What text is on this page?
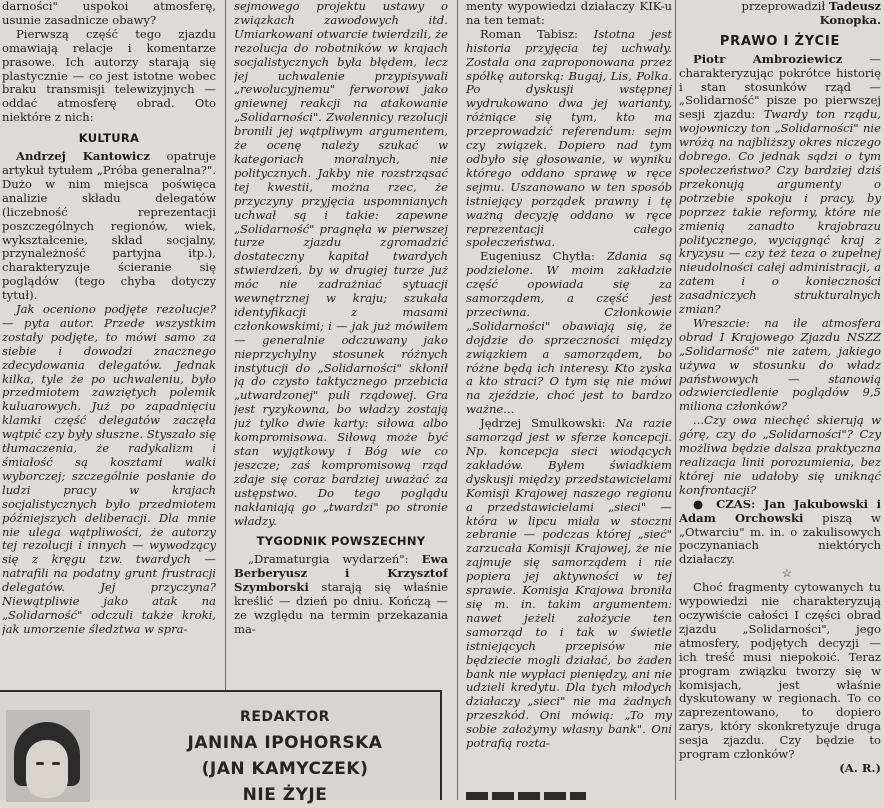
darności" uspokoi atmosferę, usunie zasadnicze obawy?

Pierwszą część tego zjazdu omawiają relacje i komentarze prasowe. Ich autorzy starają się plastycznie — co jest istotne wobec braku transmisji telewizyjnych — oddać atmosferę obrad. Oto niektóre z nich:

KULTURA

Andrzej Kantowicz opatruje artykuł tytułem „Próba generalna?". Dużo w nim miejsca poświęca analizie składu delegatów (liczebność reprezentacji poszczególnych regionów, wiek, wykształcenie, skład socjalny, przynależność partyjna itp.), charakteryzuje ścieranie się poglądów (tego chyba dotyczy tytuł).

Jak oceniono podjęte rezolucje? — pyta autor. Przede wszystkim zostały podjęte, to mówi samo za siebie i dowodzi znacznego zdecydowania delegatów. Jednak kilka, tyle że po uchwaleniu, było przedmiotem zawziętych polemik kuluarowych. Już po zapadnięciu klamki część delegatów zaczęła wątpić czy były słuszne. Styszało się tłumaczenia, że radykalizm i śmiałość są kosztami walki wyborczej; szczególnie posłanie do ludzi pracy w krajach socjalistycznych było przedmiotem późniejszych deliberacji. Dla mnie nie ulega wątpliwości, że autorzy tej rezolucji i innych — wywodzący się z kręgu tzw. twardych — natrafili na podatny grunt frustracji delegatów. Jej przyczyna? Niewątpliwie jako atak na „Solidarność" odczuli także kroki, jak umorzenie śledztwa w spra-

sejmowego projektu ustawy o związkach zawodowych itd. Umiarkowani otwarcie twierdzili, że rezolucja do robotników w krajach socjalistycznych była błędem, lecz jej uchwalenie przypisywali „rewolucyjnemu" ferworowi jako gniewnej reakcji na atakowanie „Solidarności". Zwolennicy rezolucji bronili jej wątpliwym argumentem, że ocenę należy szukać w kategoriach moralnych, nie politycznych. Jakby nie rozstrząsać tej kwestii, można rzec, że przyczyny przyjęcia uspomnianych uchwał są i takie: zapewne „Solidarność" pragnęła w pierwszej turze zjazdu zgromadzić dostateczny kapitał twardych stwierdzeń, by w drugiej turze już móc nie zadrażniać sytuacji wewnętrznej w kraju; szukała identyfikacji z masami członkowskimi; i — jak już mówiłem — generalnie odczuwany jako nieprzychylny stosunek różnych instytucji do „Solidarności" skłonił ją do czysto taktycznego przebicia „utwardzonej" puli rządowej. Gra jest ryzykowna, bo władzy zostają już tylko dwie karty: siłowa albo kompromisowa. Siłową może być stan wyjątkowy i Bóg wie co jeszcze; zaś kompromisową rząd zdaje się coraz bardziej uważać za ustępstwo. Do tego poglądu nakłaniają go „twardzi" po stronie władzy.

TYGODNIK POWSZECHNY

„Dramaturgia wydarzeń": Ewa Berberyusz i Krzysztof Szymborski starają się właśnie kreślić — dzień po dniu. Kończą — ze względu na termin przekazania ma-

menty wypowiedzi działaczy KIK-u na ten temat:

Roman Tabisz: Istotna jest historia przyjęcia tej uchwały. Została ona zaproponowana przez spółkę autorską: Bugaj, Lis, Polka. Po dyskusji wstępnej wydrukowano dwa jej warianty, różniące się tym, kto ma przeprowadzić referendum: sejm czy związek. Dopiero nad tym odbyło się głosowanie, w wyniku którego oddano sprawę w ręce sejmu. Uszanowano w ten sposób istniejący porządek prawny i tę ważną decyzję oddano w ręce reprezentacji całego społeczeństwa.

Eugeniusz Chytła: Zdania są podzielone. W moim zakładzie część opowiada się za samorządem, a część jest przeciwna. Członkowie „Solidarności" obawiają się, że dojdzie do sprzeczności między związkiem a samorządem, bo różne będą ich interesy. Kto zyska a kto straci? O tym się nie mówi na zjeździe, choć jest to bardzo ważne...

Jędrzej Smulkowski: Na razie samorząd jest w sferze koncepcji. Np. koncepcja sieci wiodących zakładów. Byłem świadkiem dyskusji między przedstawicielami Komisji Krajowej naszego regionu a przedstawicielami „sieci" — która w lipcu miała w stoczni zebranie — podczas której „sieć" zarzucała Komisji Krajowej, że nie zajmuje się samorządem i nie popiera jej aktywności w tej sprawie. Komisja Krajowa broniła się m. in. takim argumentem: nawet jeżeli założycie ten samorząd to i tak w świetle istniejących przepisów nie będziecie mogli działać, bo żaden bank nie wypłaci pieniędzy, ani nie udzieli kredytu. Dla tych młodych działaczy „sieci" nie ma żadnych przeszkód. Oni mówią: „To my sobie założymy własny bank". Oni potrafią rozta-

przeprowadził Tadeusz Konopka.

PRAWO I ŻYCIE

Piotr Ambroziewicz — charakteryzując pokrótce historię i stan stosunków rząd — „Solidarność" pisze po pierwszej sesji zjazdu: Twardy ton rządu, wojowniczy ton „Solidarności" nie wróżą na najbliższy okres niczego dobrego. Co jednak sądzi o tym społeczeństwo? Czy bardziej dziś przekonują argumenty o potrzebie spokoju i pracy, by poprzez takie reformy, które nie zmienią zanadto krajobrazu politycznego, wyciągnąć kraj z kryzysu — czy też teza o zupełnej nieudolności całej administracji, a zatem i o konieczności zasadniczych strukturalnych zmian?

Wreszcie: na ile atmosfera obrad I Krajowego Zjazdu NSZZ „Solidarność" nie zatem, jakiego używa w stosunku do władz państwowych — stanowią odzwierciedlenie poglądów 9,5 miliona członków?

...Czy owa niechęć skierują w górę, czy do „Solidarności"? Czy możliwa będzie dalsza praktyczna realizacja linii porozumienia, bez której nie udałoby się uniknąć konfrontacji?

● CZAS: Jan Jakubowski i Adam Orchowski piszą w „Otwarciu" m. in. o zakulisowych poczynaniach niektórych działaczy.

☆

Choć fragmenty cytowanych tu wypowiedzi nie charakteryzują oczywiście całości I części obrad zjazdu „Solidarności", jego atmosfery, podjętych decyzji — ich treść musi niepokoić. Teraz program związku tworzy się w komisjach, jest właśnie dyskutowany w regionach. To co zaprezentowano, to dopiero zarys, który skonkretyzuje druga sesja zjazdu. Czy będzie to program członków?

(A. R.)

REDAKTOR
JANINA IPOHORSKA
(JAN KAMYCZEK)
NIE ŻYJE
